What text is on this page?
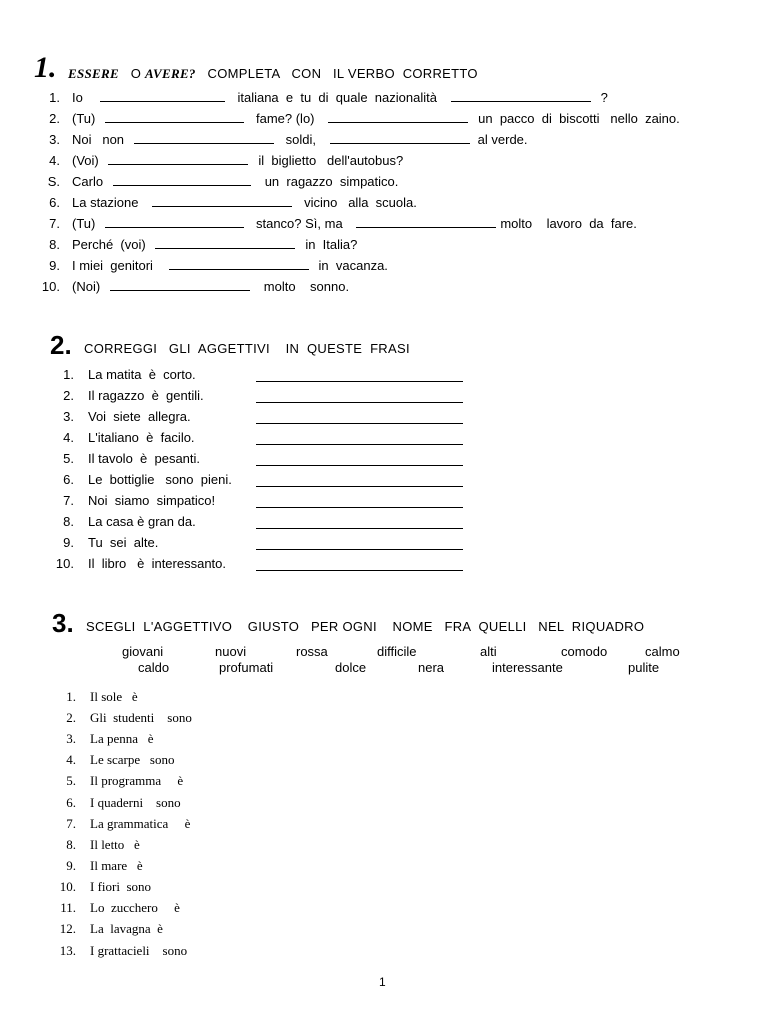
1. ESSERE O AVERE? COMPLETA   CON   IL VERBO  CORRETTO
1. Io	italiana  e  tu  di  quale  nazionalità	?
2. (Tu)	fame? (lo)	un  pacco  di  biscotti   nello  zaino.
3. Noi   non	soldi,	al verde.
4. (Voi)	il  biglietto   dell'autobus?
S. Carlo	un  ragazzo  simpatico.
6. La stazione	vicino   alla  scuola.
7. (Tu)	stanco? Sì, ma	molto    lavoro  da  fare.
8. Perché  (voi)	in  Italia?
9. I miei  genitori	in  vacanza.
10. (Noi)	molto    sonno.
2. CORREGGI   GLI  AGGETTIVI    IN  QUESTE  FRASI
1. La matita  è  corto.
2. Il ragazzo  è  gentili.
3. Voi  siete  allegra.
4. L'italiano  è  facilo.
5. Il tavolo  è  pesanti.
6. Le  bottiglie   sono  pieni.
7. Noi  siamo  simpatico!
8. La casa è gran da.
9. Tu  sei  alte.
10. Il  libro   è  interessanto.
3. SCEGLI  L'AGGETTIVO    GIUSTO   PER OGNI    NOME   FRA  QUELLI   NEL  RIQUADRO
giovani	nuovi	rossa	difficile	alti	comodo	calmo
caldo	profumati	dolce	nera	interessante	pulite
1. Il sole   è
2. Gli  studenti    sono
3. La penna   è
4. Le scarpe   sono
5. Il programma     è
6. I quaderni    sono
7. La grammatica     è
8. Il letto   è
9. Il mare   è
10. I fiori  sono
11. Lo  zucchero     è
12. La  lavagna  è
13. I grattacieli    sono
1
